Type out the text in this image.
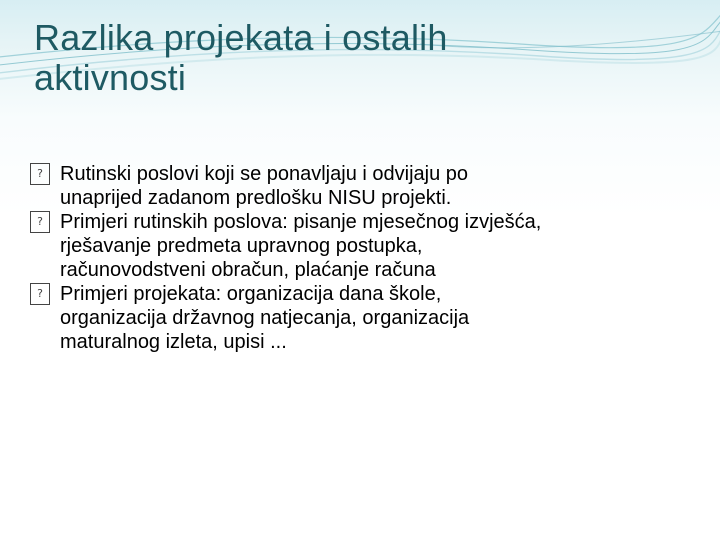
Razlika projekata i ostalih
aktivnosti
? Rutinski poslovi koji se ponavljaju i odvijaju po
unaprijed zadanom predlošku NISU projekti.
? Primjeri rutinskih poslova: pisanje mjesečnog izvješća,
rješavanje predmeta upravnog postupka,
računovodstveni obračun, plaćanje računa
? Primjeri projekata: organizacija dana škole,
organizacija državnog natjecanja, organizacija
maturalnog izleta, upisi ...
